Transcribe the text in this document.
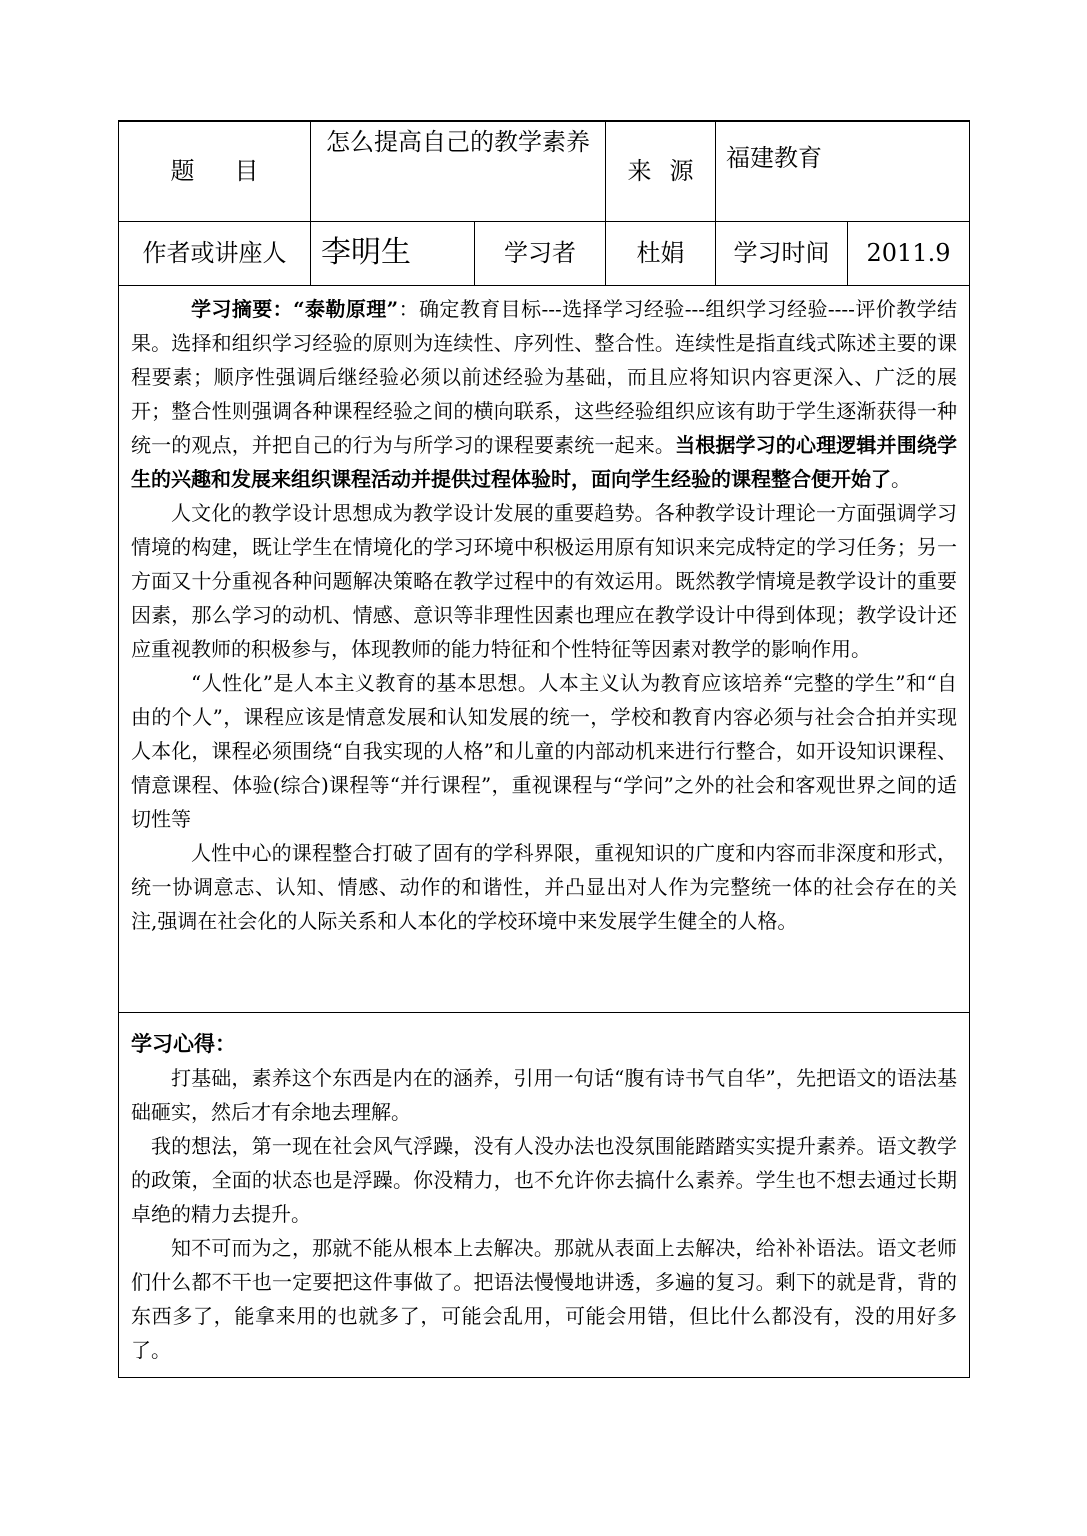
题目	怎么提高自己的教学素养		来源	福建教育	
作者或讲座人	李明生	学习者	杜娟	学习时间	2011.9

学习摘要：“泰勒原理”：确定教育目标---选择学习经验---组织学习经验----评价教学结果。选择和组织学习经验的原则为连续性、序列性、整合性。连续性是指直线式陈述主要的课程要素；顺序性强调后继经验必须以前述经验为基础，而且应将知识内容更深入、广泛的展开；整合性则强调各种课程经验之间的横向联系，这些经验组织应该有助于学生逐渐获得一种统一的观点，并把自己的行为与所学习的课程要素统一起来。当根据学习的心理逻辑并围绕学生的兴趣和发展来组织课程活动并提供过程体验时，面向学生经验的课程整合便开始了。

人文化的教学设计思想成为教学设计发展的重要趋势。各种教学设计理论一方面强调学习情境的构建，既让学生在情境化的学习环境中积极运用原有知识来完成特定的学习任务；另一方面又十分重视各种问题解决策略在教学过程中的有效运用。既然教学情境是教学设计的重要因素，那么学习的动机、情感、意识等非理性因素也理应在教学设计中得到体现；教学设计还应重视教师的积极参与，体现教师的能力特征和个性特征等因素对教学的影响作用。

“人性化”是人本主义教育的基本思想。人本主义认为教育应该培养“完整的学生”和“自由的个人”，课程应该是情意发展和认知发展的统一，学校和教育内容必须与社会合拍并实现人本化，课程必须围绕“自我实现的人格”和儿童的内部动机来进行行整合，如开设知识课程、情意课程、体验(综合)课程等“并行课程”，重视课程与“学问”之外的社会和客观世界之间的适切性等

人性中心的课程整合打破了固有的学科界限，重视知识的广度和内容而非深度和形式，统一协调意志、认知、情感、动作的和谐性，并凸显出对人作为完整统一体的社会存在的关注,强调在社会化的人际关系和人本化的学校环境中来发展学生健全的人格。					

学习心得：

打基础，素养这个东西是内在的涵养，引用一句话“腹有诗书气自华”，先把语文的语法基础砸实，然后才有余地去理解。

我的想法，第一现在社会风气浮躁，没有人没办法也没氛围能踏踏实实提升素养。语文教学的政策，全面的状态也是浮躁。你没精力，也不允许你去搞什么素养。学生也不想去通过长期卓绝的精力去提升。

知不可而为之，那就不能从根本上去解决。那就从表面上去解决，给补补语法。语文老师们什么都不干也一定要把这件事做了。把语法慢慢地讲透，多遍的复习。剩下的就是背，背的东西多了，能拿来用的也就多了，可能会乱用，可能会用错，但比什么都没有，没的用好多了。					
